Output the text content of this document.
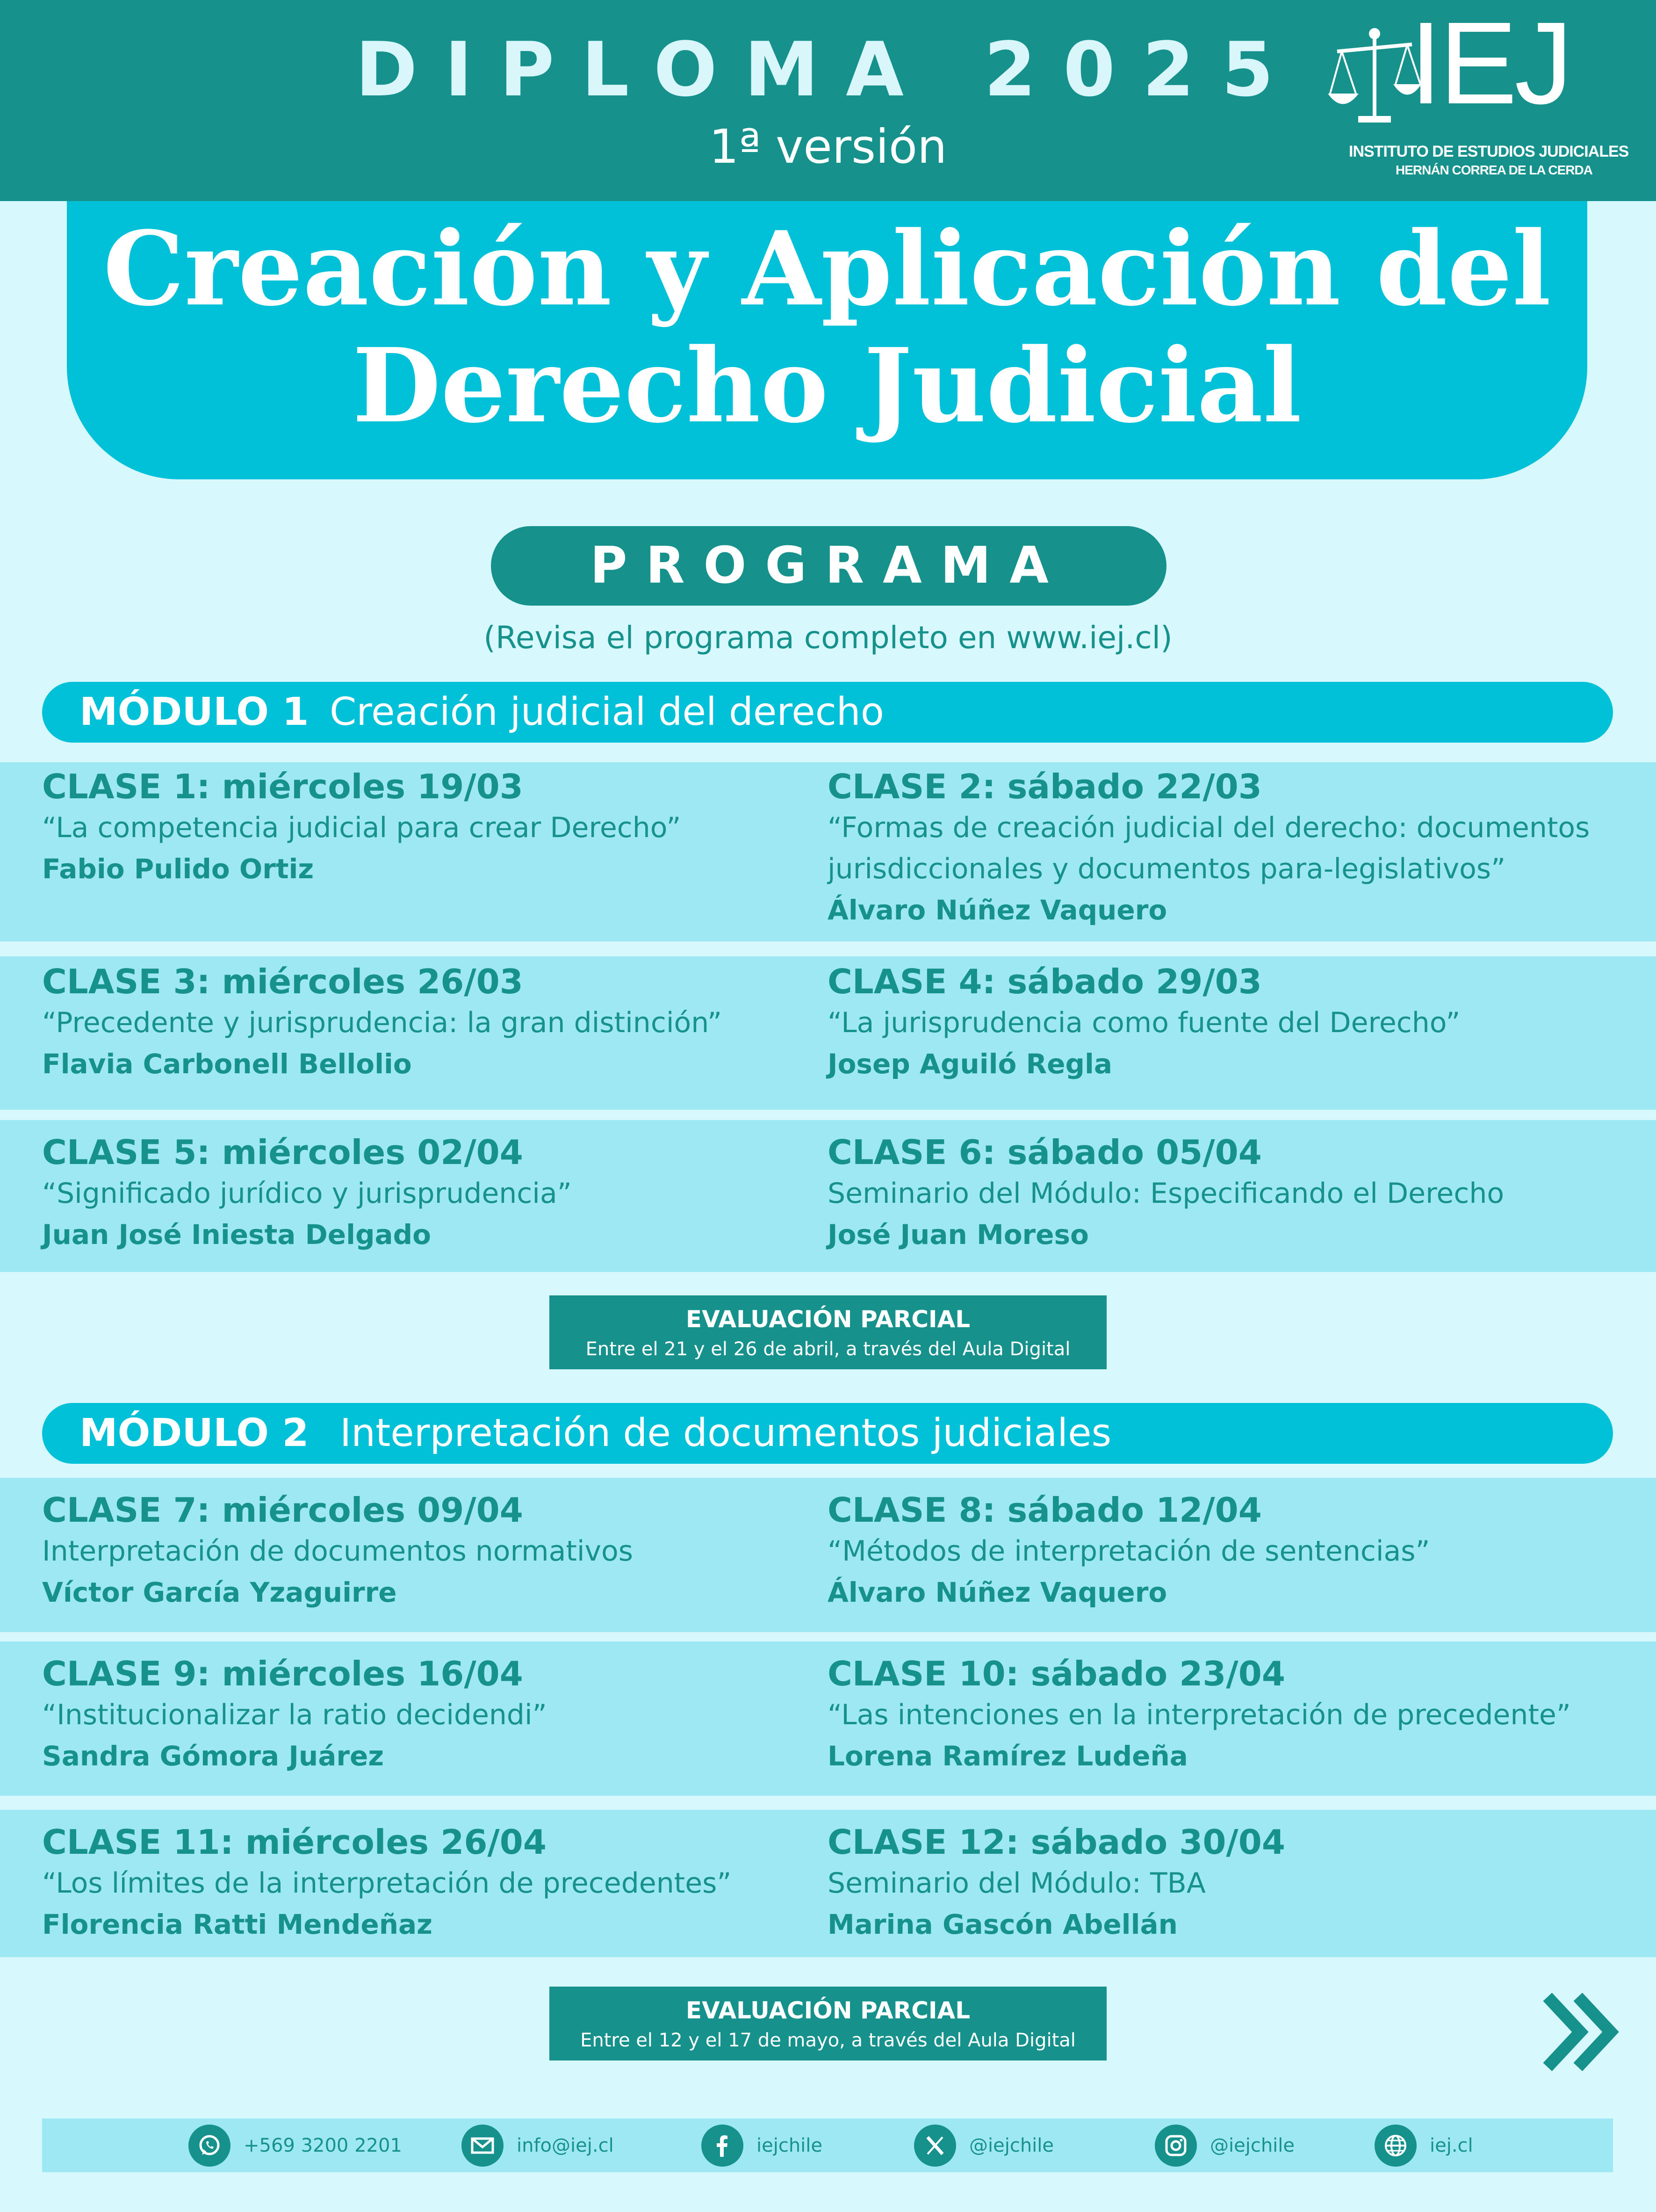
DIPLOMA 2025
1ª versión
IEJ
INSTITUTO DE ESTUDIOS JUDICIALES
HERNÁN CORREA DE LA CERDA
Creación y Aplicación del
Derecho Judicial
PROGRAMA
(Revisa el programa completo en www.iej.cl)
MÓDULO 1 Creación judicial del derecho
CLASE 1: miércoles 19/03
“La competencia judicial para crear Derecho”
Fabio Pulido Ortiz
CLASE 2: sábado 22/03
“Formas de creación judicial del derecho: documentos jurisdiccionales y documentos para-legislativos”
Álvaro Núñez Vaquero
CLASE 3: miércoles 26/03
“Precedente y jurisprudencia: la gran distinción”
Flavia Carbonell Bellolio
CLASE 4: sábado 29/03
“La jurisprudencia como fuente del Derecho”
Josep Aguiló Regla
CLASE 5: miércoles 02/04
“Significado jurídico y jurisprudencia”
Juan José Iniesta Delgado
CLASE 6: sábado 05/04
Seminario del Módulo: Especificando el Derecho
José Juan Moreso
EVALUACIÓN PARCIAL
Entre el 21 y el 26 de abril, a través del Aula Digital
MÓDULO 2 Interpretación de documentos judiciales
CLASE 7: miércoles 09/04
Interpretación de documentos normativos
Víctor García Yzaguirre
CLASE 8: sábado 12/04
“Métodos de interpretación de sentencias”
Álvaro Núñez Vaquero
CLASE 9: miércoles 16/04
“Institucionalizar la ratio decidendi”
Sandra Gómora Juárez
CLASE 10: sábado 23/04
“Las intenciones en la interpretación de precedente”
Lorena Ramírez Ludeña
CLASE 11: miércoles 26/04
“Los límites de la interpretación de precedentes”
Florencia Ratti Mendeñaz
CLASE 12: sábado 30/04
Seminario del Módulo: TBA
Marina Gascón Abellán
EVALUACIÓN PARCIAL
Entre el 12 y el 17 de mayo, a través del Aula Digital
+569 3200 2201	info@iej.cl	iejchile	@iejchile	@iejchile	iej.cl
